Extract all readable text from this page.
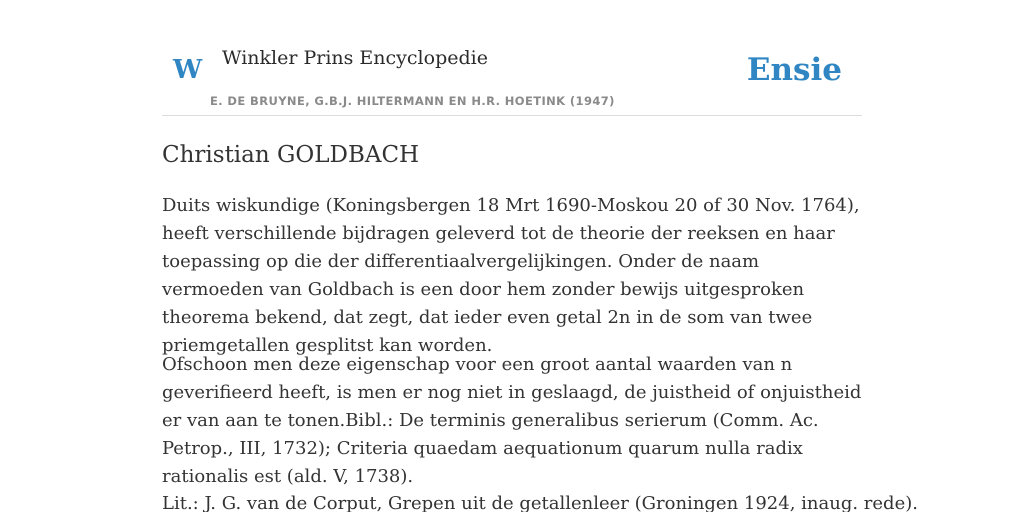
W Winkler Prins Encyclopedie
E. DE BRUYNE, G.B.J. HILTERMANN EN H.R. HOETINK (1947)
Ensie
Christian GOLDBACH

Duits wiskundige (Koningsbergen 18 Mrt 1690-Moskou 20 of 30 Nov. 1764), heeft verschillende bijdragen geleverd tot de theorie der reeksen en haar toepassing op die der differentiaalvergelijkingen. Onder de naam vermoeden van Goldbach is een door hem zonder bewijs uitgesproken theorema bekend, dat zegt, dat ieder even getal 2n in de som van twee priemgetallen gesplitst kan worden.

Ofschoon men deze eigenschap voor een groot aantal waarden van n geverifieerd heeft, is men er nog niet in geslaagd, de juistheid of onjuistheid er van aan te tonen.Bibl.: De terminis generalibus serierum (Comm. Ac. Petrop., III, 1732); Criteria quaedam aequationum quarum nulla radix rationalis est (ald. V, 1738).

Lit.: J. G. van de Corput, Grepen uit de getallenleer (Groningen 1924, inaug. rede).
